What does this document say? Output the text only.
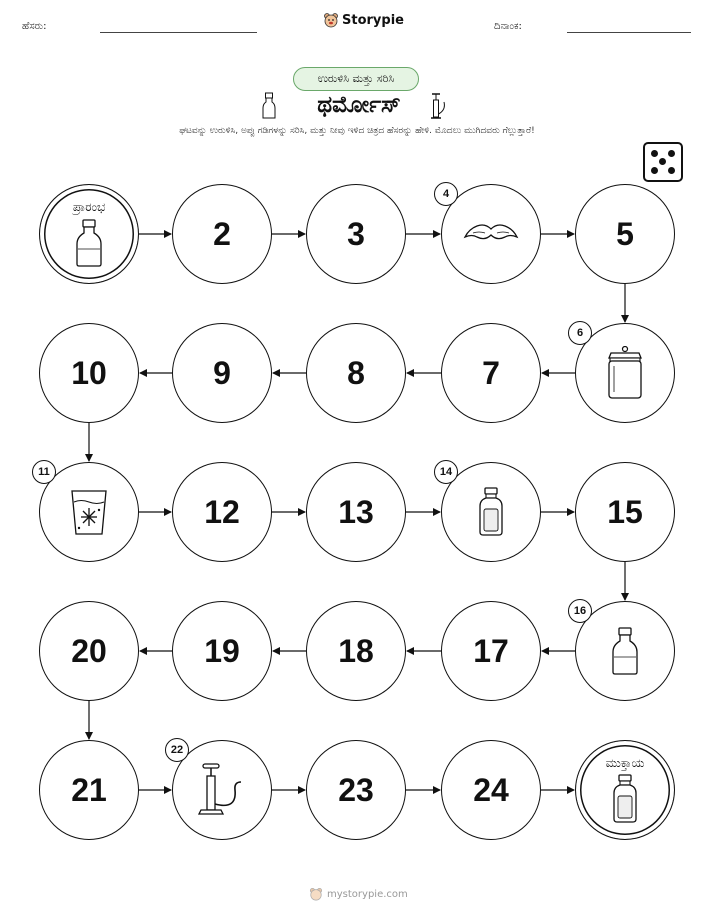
ಹೆಸರು:	Storypie	ದಿನಾಂಕ:
ಉರುಳಿಸಿ ಮತ್ತು ಸರಿಸಿ
ಥರ್ಮೋಸ್
ಘಟವನ್ನು ಉರುಳಿಸಿ, ಅಪ್ಪು ಗಡಿಗಳನ್ನು ಸರಿಸಿ, ಮತ್ತು ನೀವು ಇಳಿದ ಚಿತ್ರದ ಹೆಸರನ್ನು ಹೇಳಿ. ಮೊದಲು ಮುಗಿದವರು ಗೆಲ್ಲುತ್ತಾರೆ!
ಪ್ರಾರಂಭ
2	3
4
5
6
7
8
9
10
11
12	13
14
15
16
17
18
19
20
21
22
23	24
ಮುಕ್ತಾಯ
mystorypie.com
